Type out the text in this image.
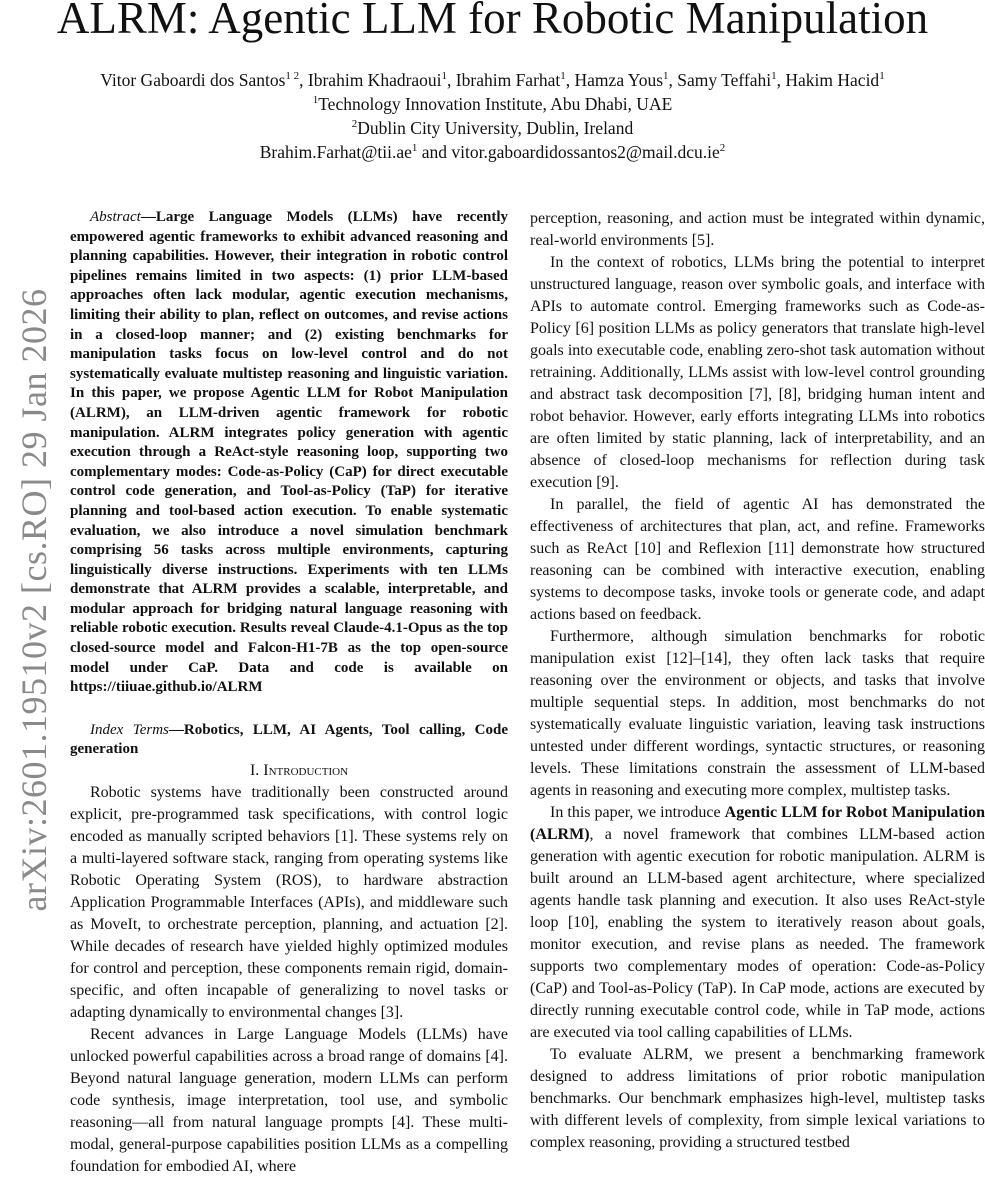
ALRM: Agentic LLM for Robotic Manipulation
Vitor Gaboardi dos Santos$^{1 2}$, Ibrahim Khadraoui$^1$, Ibrahim Farhat$^1$, Hamza Yous$^1$, Samy Teffahi$^1$, Hakim Hacid$^1$
$^1$Technology Innovation Institute, Abu Dhabi, UAE
$^2$Dublin City University, Dublin, Ireland
$Brahim.Farhat@tii.ae^1$ and $vitor.gaboardidossantos2@mail.dcu.ie^2$
arXiv:2601.19510v2 [cs.RO] 29 Jan 2026

Abstract—Large Language Models (LLMs) have recently empowered agentic frameworks to exhibit advanced reasoning and planning capabilities. However, their integration in robotic control pipelines remains limited in two aspects: (1) prior LLM-based approaches often lack modular, agentic execution mechanisms, limiting their ability to plan, reflect on outcomes, and revise actions in a closed-loop manner; and (2) existing benchmarks for manipulation tasks focus on low-level control and do not systematically evaluate multistep reasoning and linguistic variation. In this paper, we propose Agentic LLM for Robot Manipulation (ALRM), an LLM-driven agentic framework for robotic manipulation. ALRM integrates policy generation with agentic execution through a ReAct-style reasoning loop, supporting two complementary modes: Code-as-Policy (CaP) for direct executable control code generation, and Tool-as-Policy (TaP) for iterative planning and tool-based action execution. To enable systematic evaluation, we also introduce a novel simulation benchmark comprising 56 tasks across multiple environments, capturing linguistically diverse instructions. Experiments with ten LLMs demonstrate that ALRM provides a scalable, interpretable, and modular approach for bridging natural language reasoning with reliable robotic execution. Results reveal Claude-4.1-Opus as the top closed-source model and Falcon-H1-7B as the top open-source model under CaP. Data and code is available on https://tiiuae.github.io/ALRM

Index Terms—Robotics, LLM, AI Agents, Tool calling, Code generation

I. Introduction

Robotic systems have traditionally been constructed around explicit, pre-programmed task specifications, with control logic encoded as manually scripted behaviors [1]. These systems rely on a multi-layered software stack, ranging from operating systems like Robotic Operating System (ROS), to hardware abstraction Application Programmable Interfaces (APIs), and middleware such as MoveIt, to orchestrate perception, planning, and actuation [2]. While decades of research have yielded highly optimized modules for control and perception, these components remain rigid, domain-specific, and often incapable of generalizing to novel tasks or adapting dynamically to environmental changes [3].

Recent advances in Large Language Models (LLMs) have unlocked powerful capabilities across a broad range of domains [4]. Beyond natural language generation, modern LLMs can perform code synthesis, image interpretation, tool use, and symbolic reasoning—all from natural language prompts [4]. These multi-modal, general-purpose capabilities position LLMs as a compelling foundation for embodied AI, where

perception, reasoning, and action must be integrated within dynamic, real-world environments [5].

In the context of robotics, LLMs bring the potential to interpret unstructured language, reason over symbolic goals, and interface with APIs to automate control. Emerging frameworks such as Code-as-Policy [6] position LLMs as policy generators that translate high-level goals into executable code, enabling zero-shot task automation without retraining. Additionally, LLMs assist with low-level control grounding and abstract task decomposition [7], [8], bridging human intent and robot behavior. However, early efforts integrating LLMs into robotics are often limited by static planning, lack of interpretability, and an absence of closed-loop mechanisms for reflection during task execution [9].

In parallel, the field of agentic AI has demonstrated the effectiveness of architectures that plan, act, and refine. Frameworks such as ReAct [10] and Reflexion [11] demonstrate how structured reasoning can be combined with interactive execution, enabling systems to decompose tasks, invoke tools or generate code, and adapt actions based on feedback.

Furthermore, although simulation benchmarks for robotic manipulation exist [12]–[14], they often lack tasks that require reasoning over the environment or objects, and tasks that involve multiple sequential steps. In addition, most benchmarks do not systematically evaluate linguistic variation, leaving task instructions untested under different wordings, syntactic structures, or reasoning levels. These limitations constrain the assessment of LLM-based agents in reasoning and executing more complex, multistep tasks.

In this paper, we introduce Agentic LLM for Robot Manipulation (ALRM), a novel framework that combines LLM-based action generation with agentic execution for robotic manipulation. ALRM is built around an LLM-based agent architecture, where specialized agents handle task planning and execution. It also uses ReAct-style loop [10], enabling the system to iteratively reason about goals, monitor execution, and revise plans as needed. The framework supports two complementary modes of operation: Code-as-Policy (CaP) and Tool-as-Policy (TaP). In CaP mode, actions are executed by directly running executable control code, while in TaP mode, actions are executed via tool calling capabilities of LLMs.

To evaluate ALRM, we present a benchmarking framework designed to address limitations of prior robotic manipulation benchmarks. Our benchmark emphasizes high-level, multistep tasks with different levels of complexity, from simple lexical variations to complex reasoning, providing a structured testbed
